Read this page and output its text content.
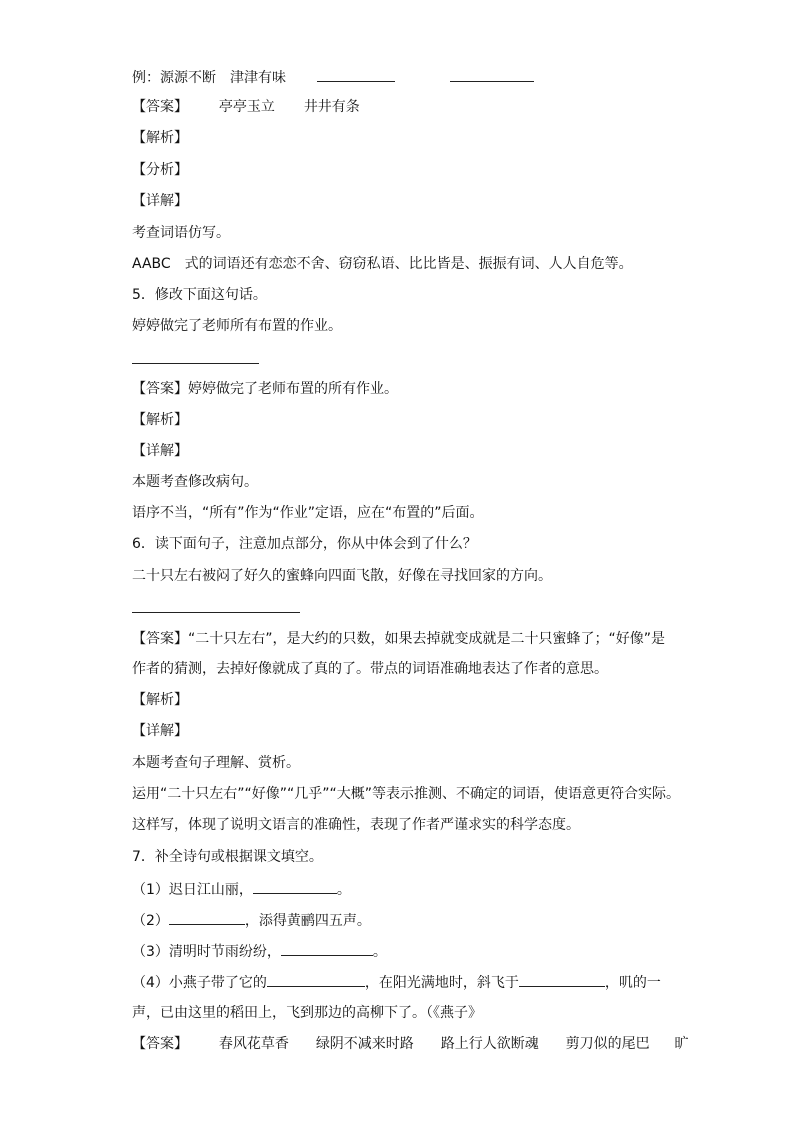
例：源源不断　津津有味
【答案】 亭亭玉立 井井有条
【解析】
【分析】
【详解】
考查词语仿写。
AABC　式的词语还有恋恋不舍、窃窃私语、比比皆是、振振有词、人人自危等。
5．修改下面这句话。
婷婷做完了老师所有布置的作业。
【答案】婷婷做完了老师布置的所有作业。
【解析】
【详解】
本题考查修改病句。
语序不当，“所有”作为“作业”定语，应在“布置的”后面。
6．读下面句子，注意加点部分，你从中体会到了什么？
二十只左右被闷了好久的蜜蜂向四面飞散，好像在寻找回家的方向。
【答案】“二十只左右”，是大约的只数，如果去掉就变成就是二十只蜜蜂了；“好像”是
作者的猜测，去掉好像就成了真的了。带点的词语准确地表达了作者的意思。
【解析】
【详解】
本题考查句子理解、赏析。
运用“二十只左右”“好像”“几乎”“大概”等表示推测、不确定的词语，使语意更符合实际。
这样写，体现了说明文语言的准确性，表现了作者严谨求实的科学态度。
7．补全诗句或根据课文填空。
（1）迟日江山丽，	。
（2）	，添得黄鹂四五声。
（3）清明时节雨纷纷，	。
（4）小燕子带了它的	，在阳光满地时，斜飞于	，叽的一
声，已由这里的稻田上，飞到那边的高柳下了。（《燕子》
【答案】 春风花草香 绿阴不减来时路 路上行人欲断魂 剪刀似的尾巴 旷
